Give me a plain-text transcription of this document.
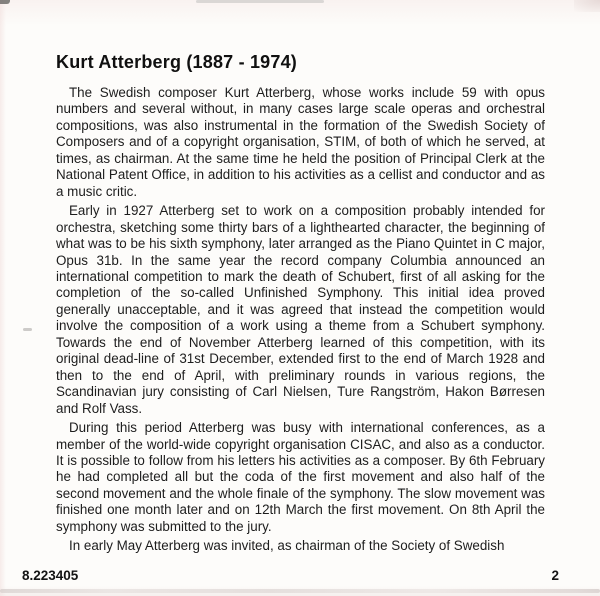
Kurt Atterberg (1887 - 1974)

The Swedish composer Kurt Atterberg, whose works include 59 with opus numbers and several without, in many cases large scale operas and orchestral compositions, was also instrumental in the formation of the Swedish Society of Composers and of a copyright organisation, STIM, of both of which he served, at times, as chairman. At the same time he held the position of Principal Clerk at the National Patent Office, in addition to his activities as a cellist and conductor and as a music critic.

Early in 1927 Atterberg set to work on a composition probably intended for orchestra, sketching some thirty bars of a lighthearted character, the beginning of what was to be his sixth symphony, later arranged as the Piano Quintet in C major, Opus 31b. In the same year the record company Columbia announced an international competition to mark the death of Schubert, first of all asking for the completion of the so-called Unfinished Symphony. This initial idea proved generally unacceptable, and it was agreed that instead the competition would involve the composition of a work using a theme from a Schubert symphony. Towards the end of November Atterberg learned of this competition, with its original dead-line of 31st December, extended first to the end of March 1928 and then to the end of April, with preliminary rounds in various regions, the Scandinavian jury consisting of Carl Nielsen, Ture Rangström, Hakon Børresen and Rolf Vass.

During this period Atterberg was busy with international conferences, as a member of the world-wide copyright organisation CISAC, and also as a conductor. It is possible to follow from his letters his activities as a composer. By 6th February he had completed all but the coda of the first movement and also half of the second movement and the whole finale of the symphony. The slow movement was finished one month later and on 12th March the first movement. On 8th April the symphony was submitted to the jury.

In early May Atterberg was invited, as chairman of the Society of Swedish

8.223405	2
